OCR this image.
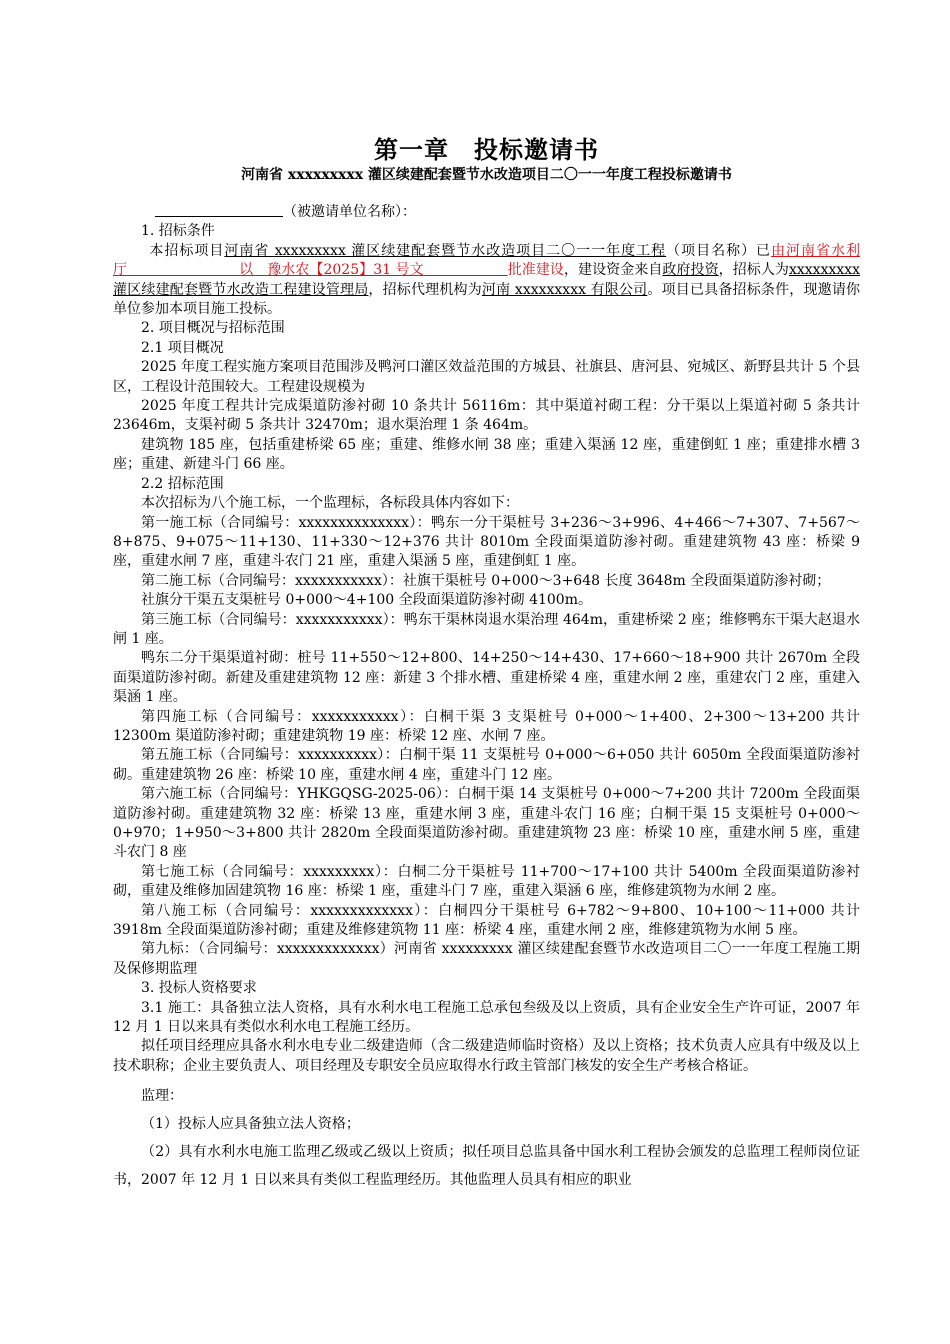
第一章　投标邀请书
河南省 xxxxxxxxx 灌区续建配套暨节水改造项目二〇一一年度工程投标邀请书

（被邀请单位名称）：

1. 招标条件

本招标项目河南省 xxxxxxxxx 灌区续建配套暨节水改造项目二〇一一年度工程（项目名称）已由河南省水利厅        	以  豫水农【2025】31 号文      	批准建设，建设资金来自政府投资，招标人为xxxxxxxxx 灌区续建配套暨节水改造工程建设管理局，招标代理机构为河南 xxxxxxxxx 有限公司。项目已具备招标条件，现邀请你单位参加本项目施工投标。

2. 项目概况与招标范围

2.1 项目概况

2025 年度工程实施方案项目范围涉及鸭河口灌区效益范围的方城县、社旗县、唐河县、宛城区、新野县共计 5 个县区，工程设计范围较大。工程建设规模为

2025 年度工程共计完成渠道防渗衬砌 10 条共计 56116m：其中渠道衬砌工程：分干渠以上渠道衬砌 5 条共计 23646m，支渠衬砌 5 条共计 32470m；退水渠治理 1 条 464m。

建筑物 185 座，包括重建桥梁 65 座；重建、维修水闸 38 座；重建入渠涵 12 座，重建倒虹 1 座；重建排水槽 3 座；重建、新建斗门 66 座。

2.2 招标范围

本次招标为八个施工标，一个监理标，各标段具体内容如下：

第一施工标（合同编号：xxxxxxxxxxxxxx）：鸭东一分干渠桩号 3+236～3+996、4+466～7+307、7+567～8+875、9+075～11+130、11+330～12+376 共计 8010m 全段面渠道防渗衬砌。重建建筑物 43 座：桥梁 9 座，重建水闸 7 座，重建斗农门 21 座，重建入渠涵 5 座，重建倒虹 1 座。

第二施工标（合同编号：xxxxxxxxxxx）：社旗干渠桩号 0+000～3+648 长度 3648m 全段面渠道防渗衬砌；

社旗分干渠五支渠桩号 0+000～4+100 全段面渠道防渗衬砌 4100m。

第三施工标（合同编号：xxxxxxxxxxx）：鸭东干渠林岗退水渠治理 464m，重建桥梁 2 座；维修鸭东干渠大赵退水闸 1 座。

鸭东二分干渠渠道衬砌：桩号 11+550～12+800、14+250～14+430、17+660～18+900 共计 2670m 全段面渠道防渗衬砌。新建及重建建筑物 12 座：新建 3 个排水槽、重建桥梁 4 座，重建水闸 2 座，重建农门 2 座，重建入渠涵 1 座。

第四施工标（合同编号：xxxxxxxxxxx）：白桐干渠 3 支渠桩号 0+000～1+400、2+300～13+200 共计 12300m 渠道防渗衬砌；重建建筑物 19 座：桥梁 12 座、水闸 7 座。

第五施工标（合同编号：xxxxxxxxxx）：白桐干渠 11 支渠桩号 0+000～6+050 共计 6050m 全段面渠道防渗衬砌。重建建筑物 26 座：桥梁 10 座，重建水闸 4 座，重建斗门 12 座。

第六施工标（合同编号：YHKGQSG-2025-06）：白桐干渠 14 支渠桩号 0+000～7+200 共计 7200m 全段面渠道防渗衬砌。重建建筑物 32 座：桥梁 13 座，重建水闸 3 座，重建斗农门 16 座；白桐干渠 15 支渠桩号 0+000～0+970；1+950～3+800 共计 2820m 全段面渠道防渗衬砌。重建建筑物 23 座：桥梁 10 座，重建水闸 5 座，重建斗农门 8 座

第七施工标（合同编号：xxxxxxxxx）：白桐二分干渠桩号 11+700～17+100 共计 5400m 全段面渠道防渗衬砌，重建及维修加固建筑物 16 座：桥梁 1 座，重建斗门 7 座，重建入渠涵 6 座，维修建筑物为水闸 2 座。

第八施工标（合同编号：xxxxxxxxxxxxx）：白桐四分干渠桩号 6+782～9+800、10+100～11+000 共计 3918m 全段面渠道防渗衬砌；重建及维修建筑物 11 座：桥梁 4 座，重建水闸 2 座，维修建筑物为水闸 5 座。

第九标：（合同编号：xxxxxxxxxxxxx）河南省 xxxxxxxxx 灌区续建配套暨节水改造项目二〇一一年度工程施工期及保修期监理

3. 投标人资格要求

3.1 施工：具备独立法人资格，具有水利水电工程施工总承包叁级及以上资质，具有企业安全生产许可证，2007 年 12 月 1 日以来具有类似水利水电工程施工经历。

拟任项目经理应具备水利水电专业二级建造师（含二级建造师临时资格）及以上资格；技术负责人应具有中级及以上技术职称；企业主要负责人、项目经理及专职安全员应取得水行政主管部门核发的安全生产考核合格证。

监理：

（1）投标人应具备独立法人资格；

（2）具有水利水电施工监理乙级或乙级以上资质；拟任项目总监具备中国水利工程协会颁发的总监理工程师岗位证书，2007 年 12 月 1 日以来具有类似工程监理经历。其他监理人员具有相应的职业
